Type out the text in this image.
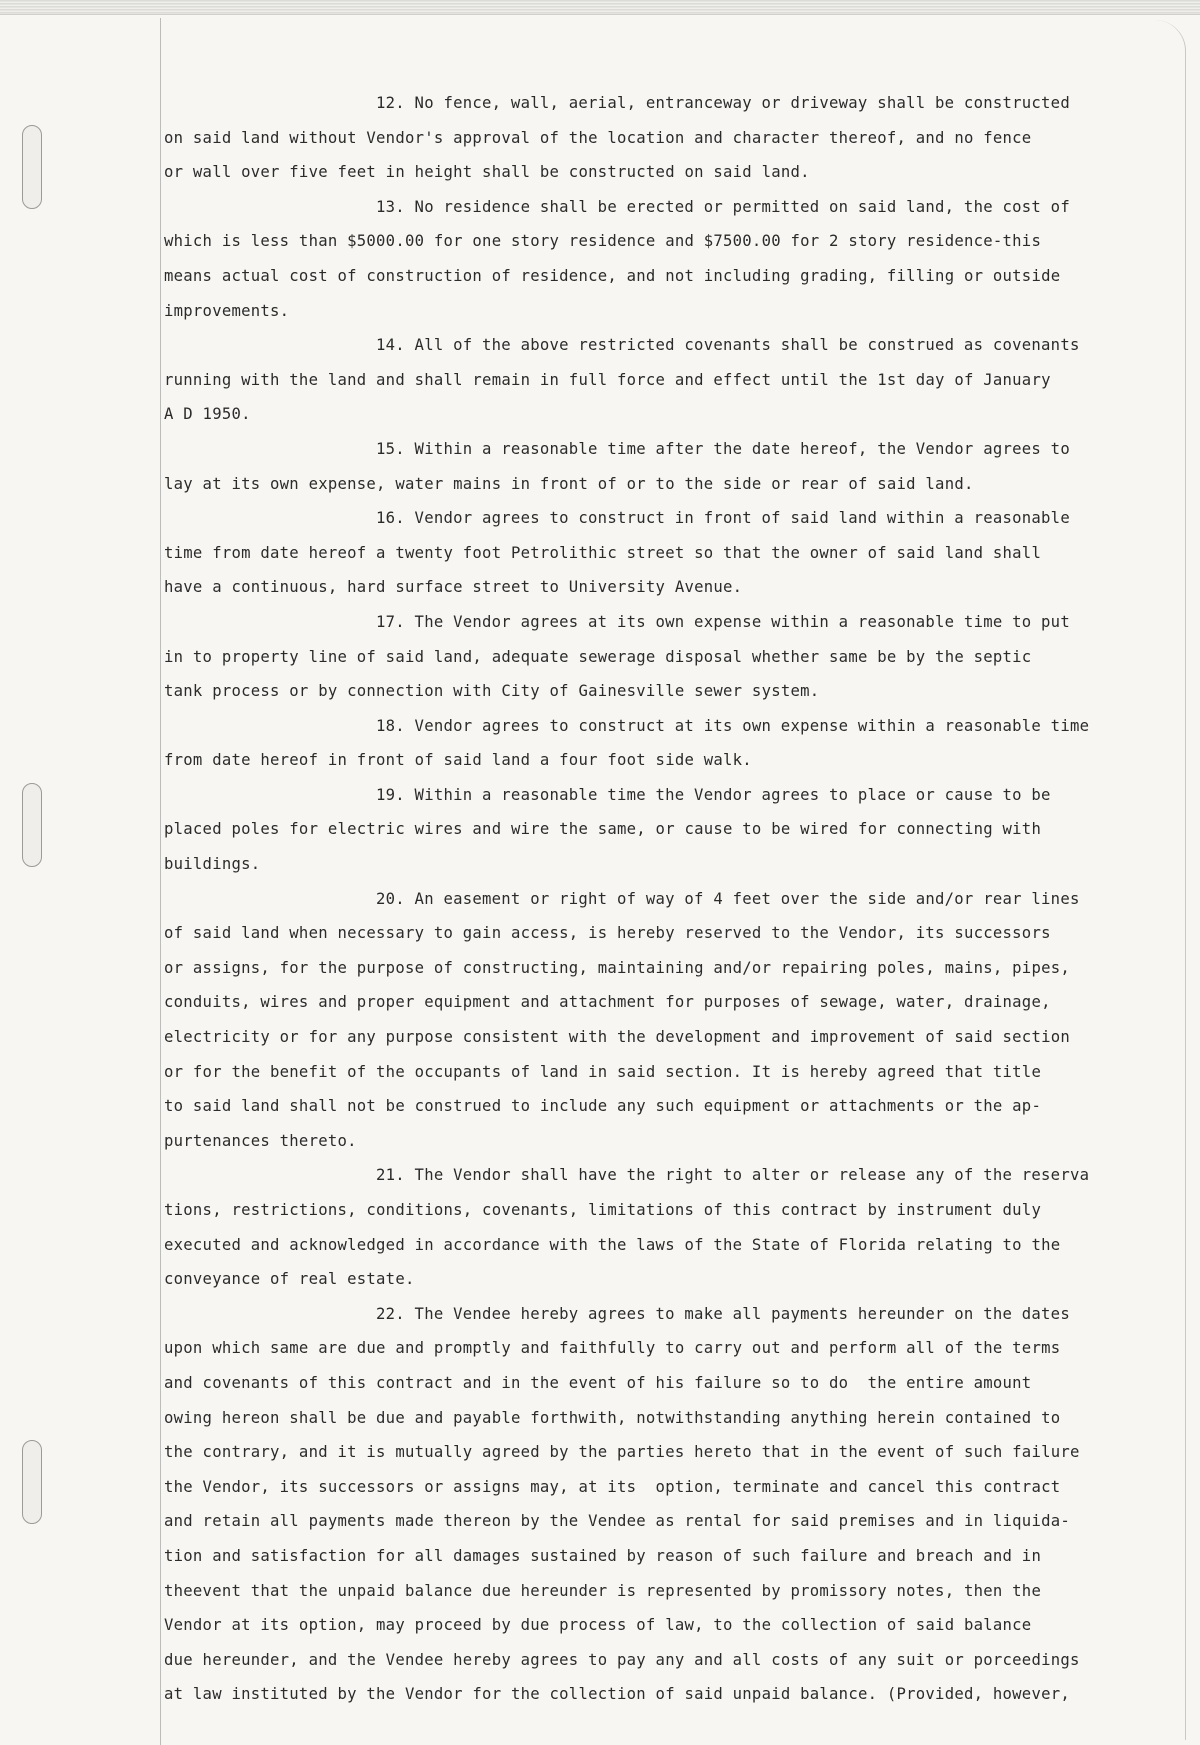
12. No fence, wall, aerial, entranceway or driveway shall be constructed
on said land without Vendor's approval of the location and character thereof, and no fence
or wall over five feet in height shall be constructed on said land.
13. No residence shall be erected or permitted on said land, the cost of
which is less than $5000.00 for one story residence and $7500.00 for 2 story residence-this
means actual cost of construction of residence, and not including grading, filling or outside
improvements.
14. All of the above restricted covenants shall be construed as covenants
running with the land and shall remain in full force and effect until the 1st day of January
A D 1950.
15. Within a reasonable time after the date hereof, the Vendor agrees to
lay at its own expense, water mains in front of or to the side or rear of said land.
16. Vendor agrees to construct in front of said land within a reasonable
time from date hereof a twenty foot Petrolithic street so that the owner of said land shall
have a continuous, hard surface street to University Avenue.
17. The Vendor agrees at its own expense within a reasonable time to put
in to property line of said land, adequate sewerage disposal whether same be by the septic
tank process or by connection with City of Gainesville sewer system.
18. Vendor agrees to construct at its own expense within a reasonable time
from date hereof in front of said land a four foot side walk.
19. Within a reasonable time the Vendor agrees to place or cause to be
placed poles for electric wires and wire the same, or cause to be wired for connecting with
buildings.
20. An easement or right of way of 4 feet over the side and/or rear lines
of said land when necessary to gain access, is hereby reserved to the Vendor, its successors
or assigns, for the purpose of constructing, maintaining and/or repairing poles, mains, pipes,
conduits, wires and proper equipment and attachment for purposes of sewage, water, drainage,
electricity or for any purpose consistent with the development and improvement of said section
or for the benefit of the occupants of land in said section. It is hereby agreed that title
to said land shall not be construed to include any such equipment or attachments or the ap-
purtenances thereto.
21. The Vendor shall have the right to alter or release any of the reserva
tions, restrictions, conditions, covenants, limitations of this contract by instrument duly
executed and acknowledged in accordance with the laws of the State of Florida relating to the
conveyance of real estate.
22. The Vendee hereby agrees to make all payments hereunder on the dates
upon which same are due and promptly and faithfully to carry out and perform all of the terms
and covenants of this contract and in the event of his failure so to do  the entire amount
owing hereon shall be due and payable forthwith, notwithstanding anything herein contained to
the contrary, and it is mutually agreed by the parties hereto that in the event of such failure
the Vendor, its successors or assigns may, at its  option, terminate and cancel this contract
and retain all payments made thereon by the Vendee as rental for said premises and in liquida-
tion and satisfaction for all damages sustained by reason of such failure and breach and in
theevent that the unpaid balance due hereunder is represented by promissory notes, then the
Vendor at its option, may proceed by due process of law, to the collection of said balance
due hereunder, and the Vendee hereby agrees to pay any and all costs of any suit or porceedings
at law instituted by the Vendor for the collection of said unpaid balance. (Provided, however,
